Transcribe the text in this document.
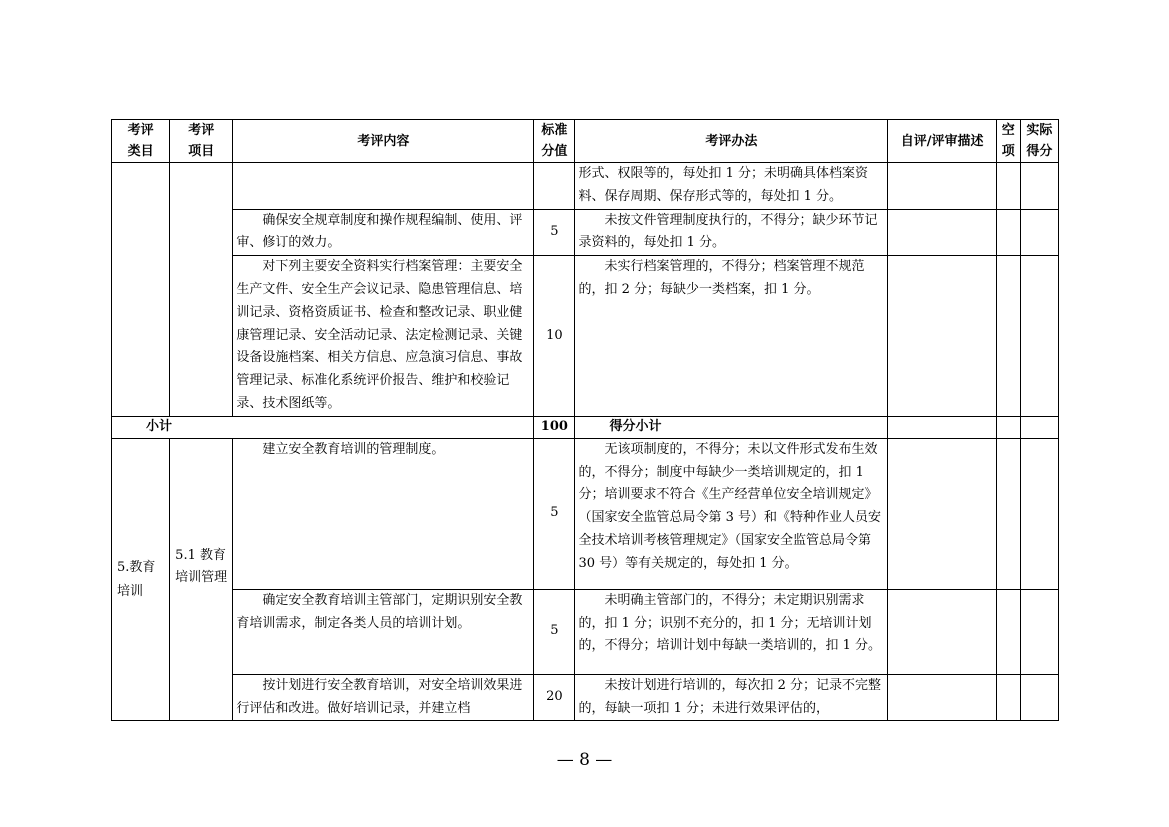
考评类目	考评项目	考评内容	标准分值	考评办法	自评/评审描述	空项	实际得分
				形式、权限等的，每处扣 1 分；未明确具体档案资料、保存周期、保存形式等的，每处扣 1 分。			
		确保安全规章制度和操作规程编制、使用、评审、修订的效力。	5	未按文件管理制度执行的，不得分；缺少环节记录资料的，每处扣 1 分。			
		对下列主要安全资料实行档案管理：主要安全生产文件、安全生产会议记录、隐患管理信息、培训记录、资格资质证书、检查和整改记录、职业健康管理记录、安全活动记录、法定检测记录、关键设备设施档案、相关方信息、应急演习信息、事故管理记录、标准化系统评价报告、维护和校验记录、技术图纸等。	10	未实行档案管理的，不得分；档案管理不规范的，扣 2 分；每缺少一类档案，扣 1 分。			
小计			100	得分小计			
5.教育培训	5.1 教育培训管理	建立安全教育培训的管理制度。	5	无该项制度的，不得分；未以文件形式发布生效的，不得分；制度中每缺少一类培训规定的，扣 1 分；培训要求不符合《生产经营单位安全培训规定》（国家安全监管总局令第 3 号）和《特种作业人员安全技术培训考核管理规定》（国家安全监管总局令第 30 号）等有关规定的，每处扣 1 分。			
		确定安全教育培训主管部门，定期识别安全教育培训需求，制定各类人员的培训计划。	5	未明确主管部门的，不得分；未定期识别需求的，扣 1 分；识别不充分的，扣 1 分；无培训计划的，不得分；培训计划中每缺一类培训的，扣 1 分。			
		按计划进行安全教育培训，对安全培训效果进行评估和改进。做好培训记录，并建立档	20	未按计划进行培训的，每次扣 2 分；记录不完整的，每缺一项扣 1 分；未进行效果评估的，			
— 8 —
